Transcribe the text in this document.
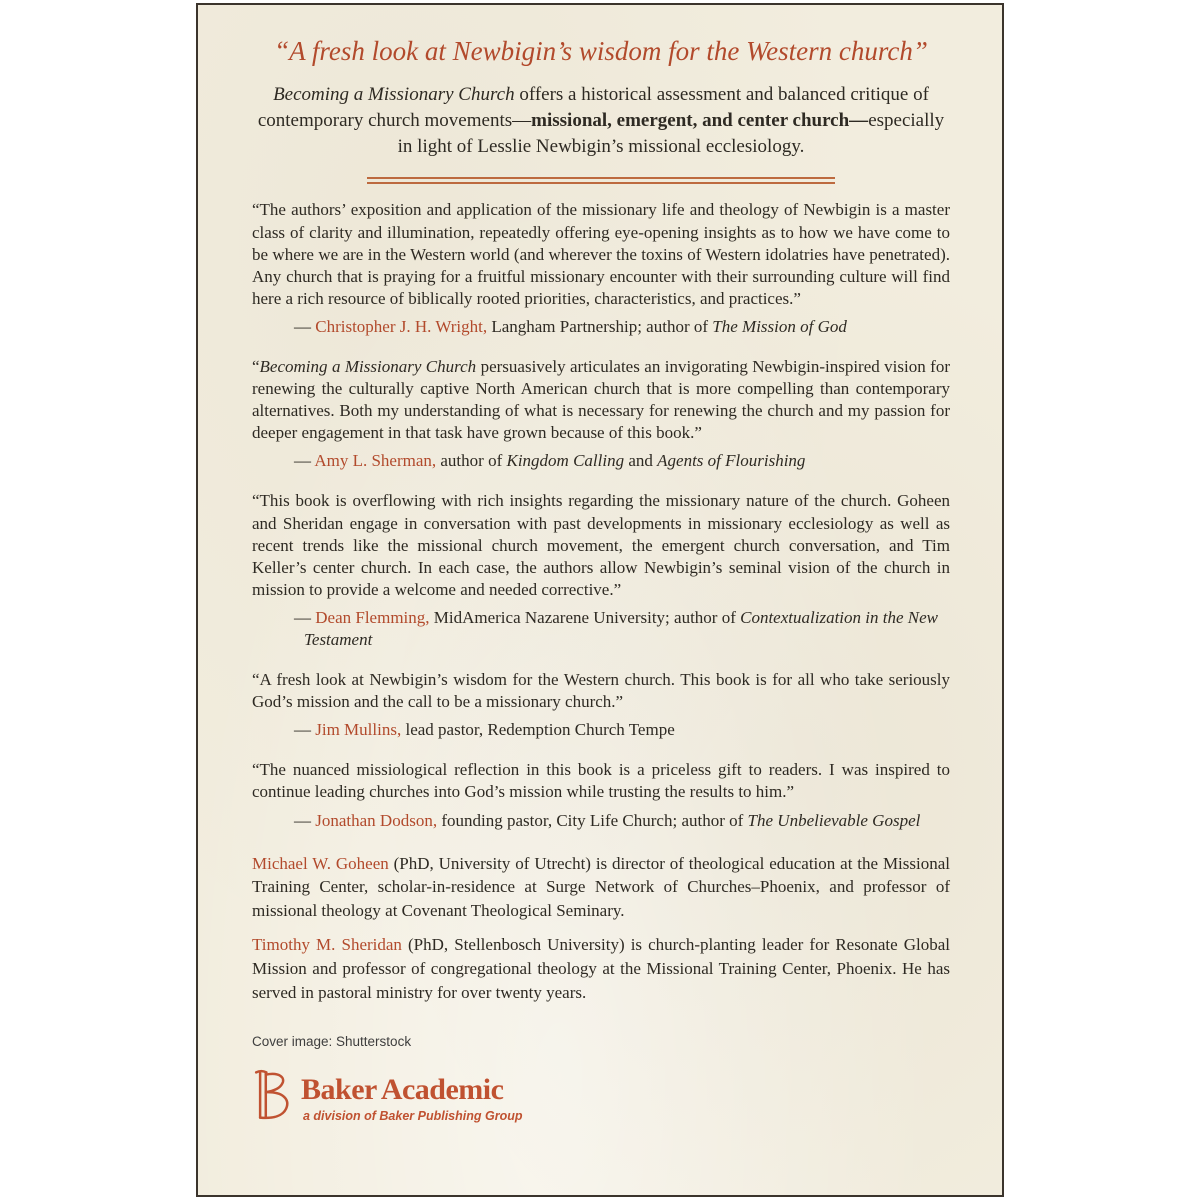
“A fresh look at Newbigin’s wisdom for the Western church”

Becoming a Missionary Church offers a historical assessment and balanced critique of contemporary church movements—missional, emergent, and center church—especially in light of Lesslie Newbigin’s missional ecclesiology.

“The authors’ exposition and application of the missionary life and theology of Newbigin is a master class of clarity and illumination, repeatedly offering eye-opening insights as to how we have come to be where we are in the Western world (and wherever the toxins of Western idolatries have penetrated). Any church that is praying for a fruitful missionary encounter with their surrounding culture will find here a rich resource of biblically rooted priorities, characteristics, and practices.”

— Christopher J. H. Wright, Langham Partnership; author of The Mission of God

“Becoming a Missionary Church persuasively articulates an invigorating Newbigin-inspired vision for renewing the culturally captive North American church that is more compelling than contemporary alternatives. Both my understanding of what is necessary for renewing the church and my passion for deeper engagement in that task have grown because of this book.”

— Amy L. Sherman, author of Kingdom Calling and Agents of Flourishing

“This book is overflowing with rich insights regarding the missionary nature of the church. Goheen and Sheridan engage in conversation with past developments in missionary ecclesiology as well as recent trends like the missional church movement, the emergent church conversation, and Tim Keller’s center church. In each case, the authors allow Newbigin’s seminal vision of the church in mission to provide a welcome and needed corrective.”

— Dean Flemming, MidAmerica Nazarene University; author of Contextualization in the New Testament

“A fresh look at Newbigin’s wisdom for the Western church. This book is for all who take seriously God’s mission and the call to be a missionary church.”

— Jim Mullins, lead pastor, Redemption Church Tempe

“The nuanced missiological reflection in this book is a priceless gift to readers. I was inspired to continue leading churches into God’s mission while trusting the results to him.”

— Jonathan Dodson, founding pastor, City Life Church; author of The Unbelievable Gospel

Michael W. Goheen (PhD, University of Utrecht) is director of theological education at the Missional Training Center, scholar-in-residence at Surge Network of Churches–Phoenix, and professor of missional theology at Covenant Theological Seminary.

Timothy M. Sheridan (PhD, Stellenbosch University) is church-planting leader for Resonate Global Mission and professor of congregational theology at the Missional Training Center, Phoenix. He has served in pastoral ministry for over twenty years.

Cover image: Shutterstock
Baker Academic
a division of Baker Publishing Group
